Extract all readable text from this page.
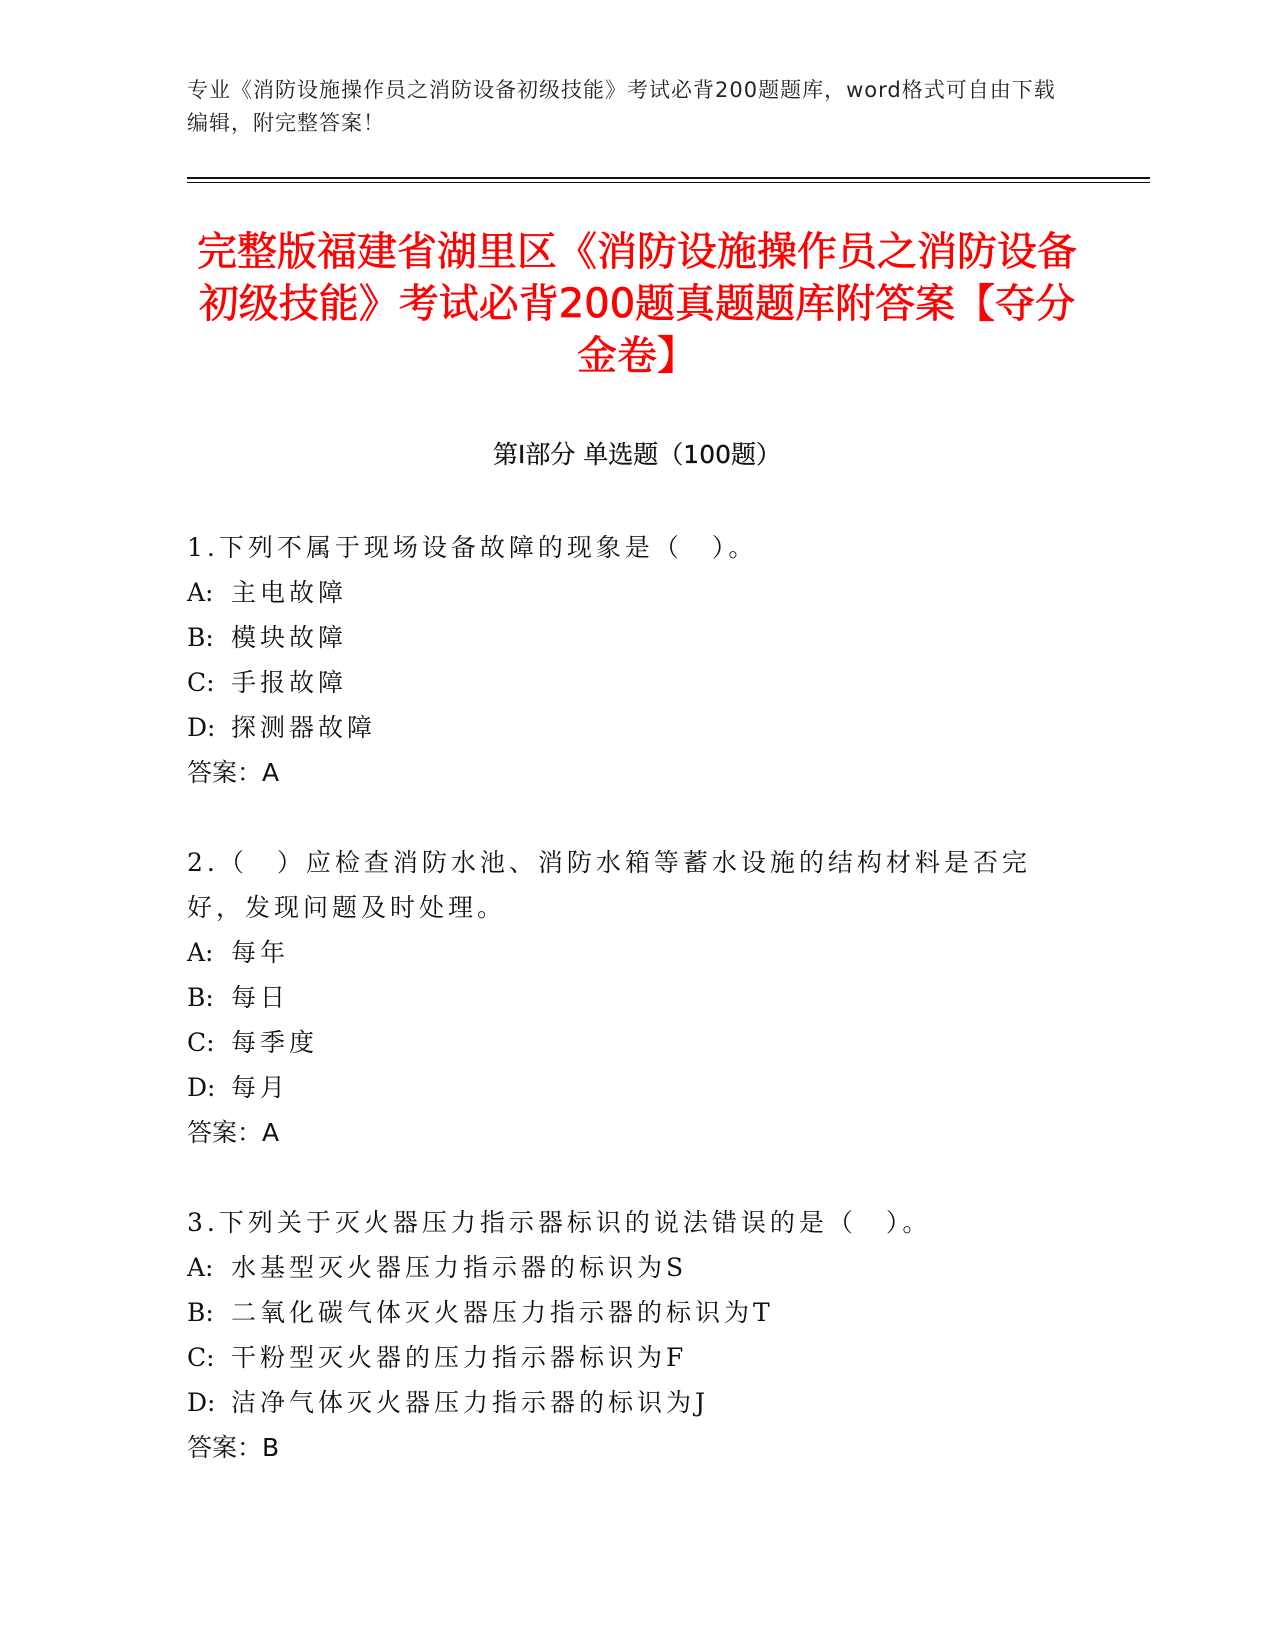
专业《消防设施操作员之消防设备初级技能》考试必背200题题库，word格式可自由下载编辑，附完整答案！
完整版福建省湖里区《消防设施操作员之消防设备初级技能》考试必背200题真题题库附答案【夺分金卷】
第I部分 单选题（100题）
1.下列不属于现场设备故障的现象是（　）。
A: 主电故障
B: 模块故障
C: 手报故障
D: 探测器故障
答案：A
2.（　）应检查消防水池、消防水箱等蓄水设施的结构材料是否完好，发现问题及时处理。
A: 每年
B: 每日
C: 每季度
D: 每月
答案：A
3.下列关于灭火器压力指示器标识的说法错误的是（　）。
A: 水基型灭火器压力指示器的标识为S
B: 二氧化碳气体灭火器压力指示器的标识为T
C: 干粉型灭火器的压力指示器标识为F
D: 洁净气体灭火器压力指示器的标识为J
答案：B
